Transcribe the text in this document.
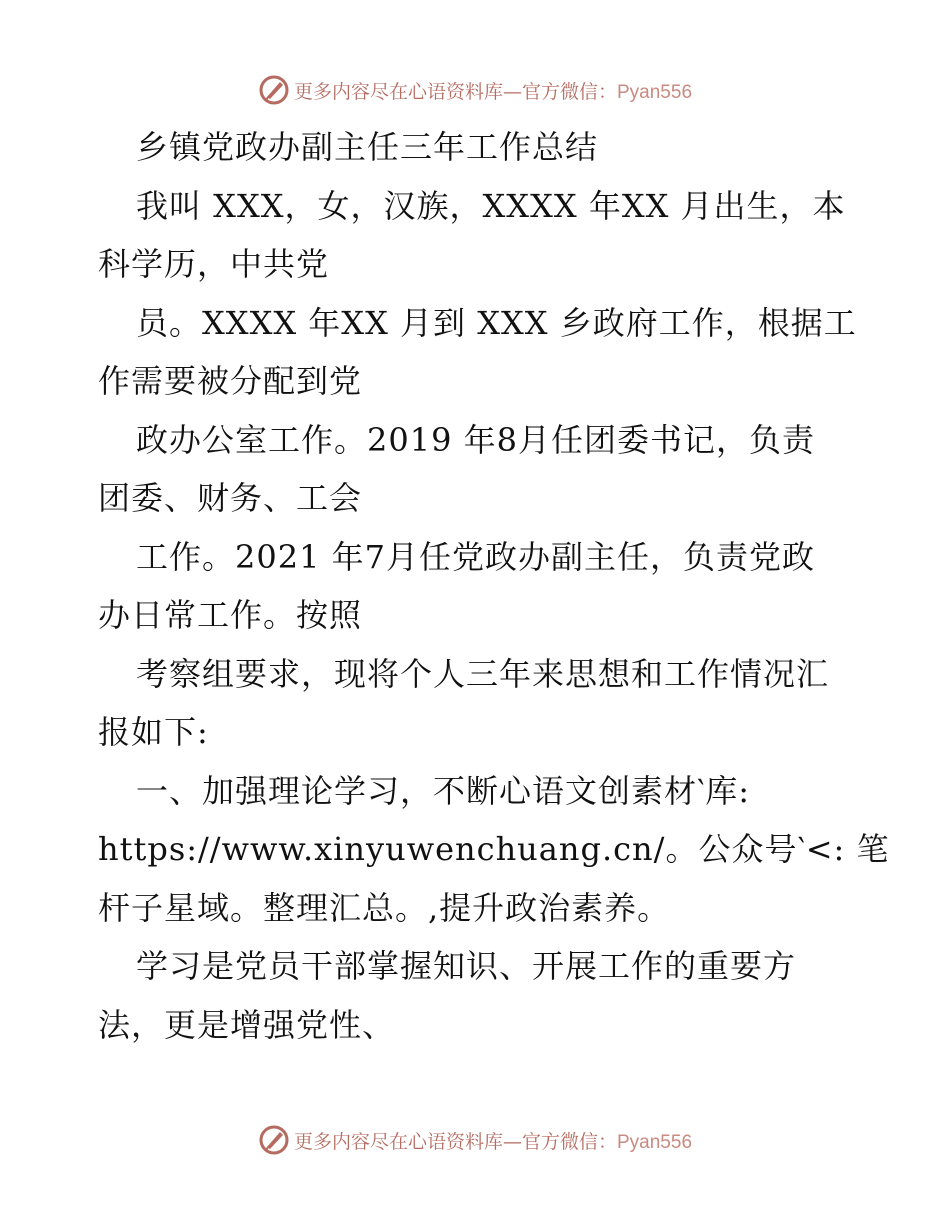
更多内容尽在心语资料库—官方微信：Pyan556
乡镇党政办副主任三年工作总结
我叫 XXX，女，汉族，XXXX 年XX 月出生，本
科学历，中共党
员。XXXX 年XX 月到 XXX 乡政府工作，根据工
作需要被分配到党
政办公室工作。2019 年8月任团委书记，负责
团委、财务、工会
工作。2021 年7月任党政办副主任，负责党政
办日常工作。按照
考察组要求，现将个人三年来思想和工作情况汇
报如下:
一、加强理论学习，不断心语文创素材‵库:
https://www.xinyuwenchuang.cn/。公众号‵<: 笔
杆子星域。整理汇总。,提升政治素养。
学习是党员干部掌握知识、开展工作的重要方
法，更是增强党性、
更多内容尽在心语资料库—官方微信：Pyan556
